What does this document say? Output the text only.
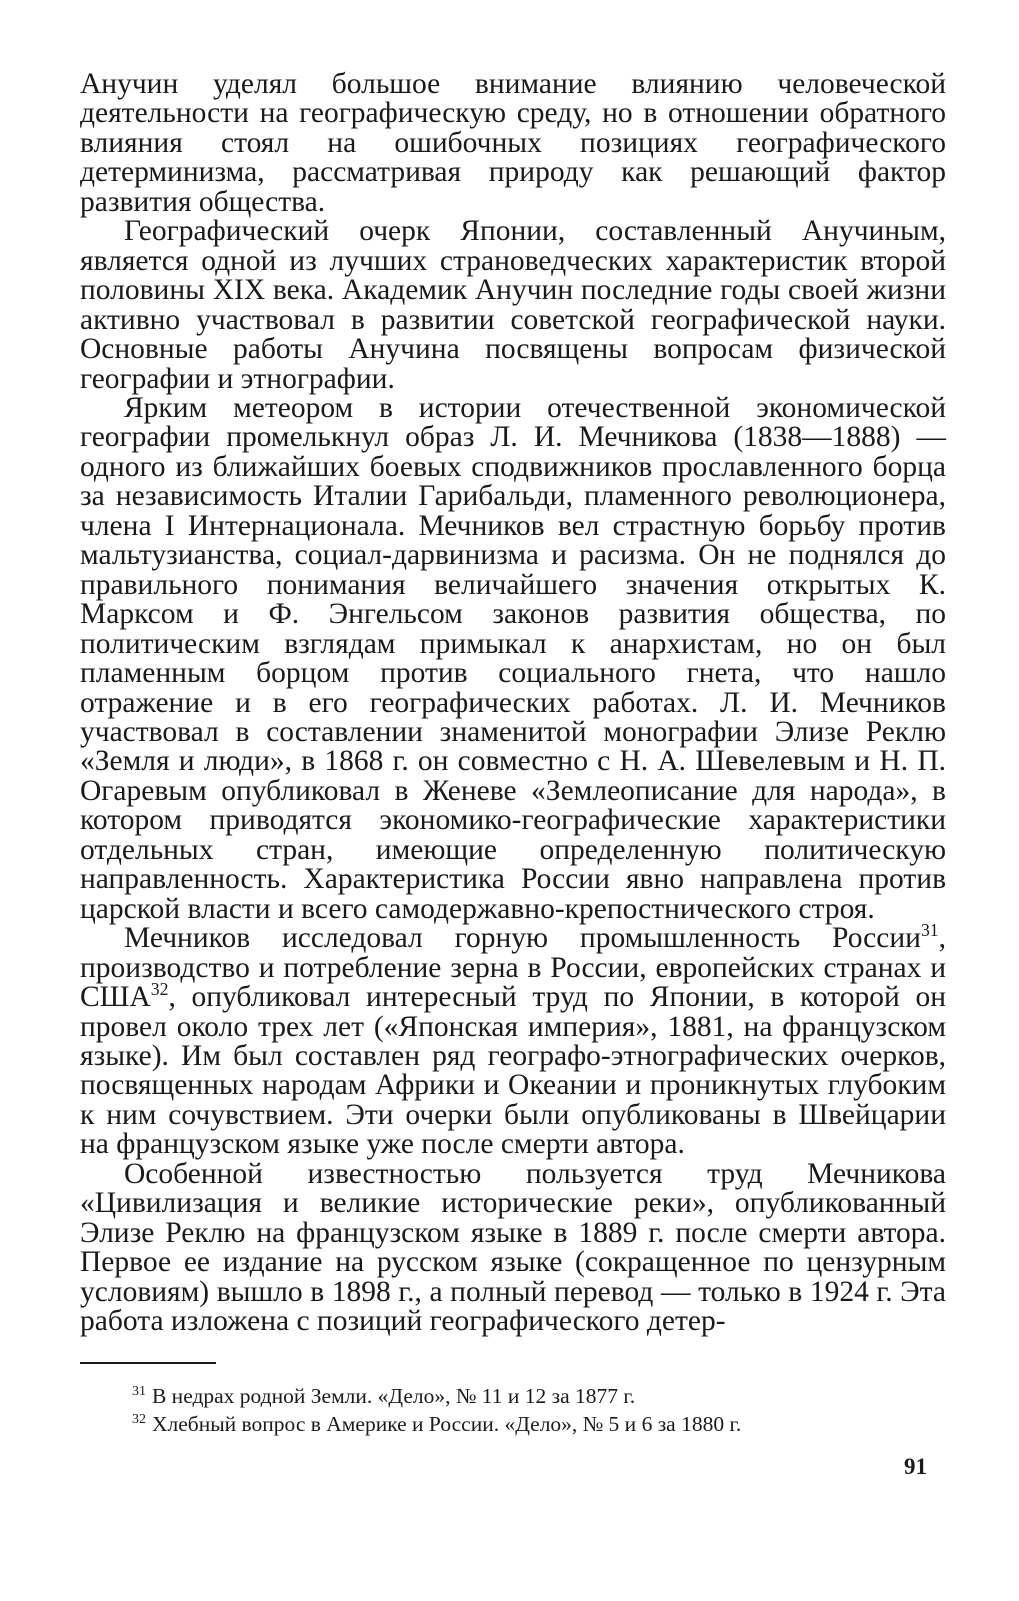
Анучин уделял большое внимание влиянию человеческой деятельности на географическую среду, но в отношении обратного влияния стоял на ошибочных позициях географического детерминизма, рассматривая природу как решающий фактор развития общества.

Географический очерк Японии, составленный Анучиным, является одной из лучших страноведческих характеристик второй половины XIX века. Академик Анучин последние годы своей жизни активно участвовал в развитии советской географической науки. Основные работы Анучина посвящены вопросам физической географии и этнографии.

Ярким метеором в истории отечественной экономической географии промелькнул образ Л. И. Мечникова (1838—1888) — одного из ближайших боевых сподвижников прославленного борца за независимость Италии Гарибальди, пламенного революционера, члена I Интернационала. Мечников вел страстную борьбу против мальтузианства, социал-дарвинизма и расизма. Он не поднялся до правильного понимания величайшего значения открытых К. Марксом и Ф. Энгельсом законов развития общества, по политическим взглядам примыкал к анархистам, но он был пламенным борцом против социального гнета, что нашло отражение и в его географических работах. Л. И. Мечников участвовал в составлении знаменитой монографии Элизе Реклю «Земля и люди», в 1868 г. он совместно с Н. А. Шевелевым и Н. П. Огаревым опубликовал в Женеве «Землеописание для народа», в котором приводятся экономико-географические характеристики отдельных стран, имеющие определенную политическую направленность. Характеристика России явно направлена против царской власти и всего самодержавно-крепостнического строя.

Мечников исследовал горную промышленность России$^{31}$, производство и потребление зерна в России, европейских странах и США$^{32}$, опубликовал интересный труд по Японии, в которой он провел около трех лет («Японская империя», 1881, на французском языке). Им был составлен ряд географо-этнографических очерков, посвященных народам Африки и Океании и проникнутых глубоким к ним сочувствием. Эти очерки были опубликованы в Швейцарии на французском языке уже после смерти автора.

Особенной известностью пользуется труд Мечникова «Цивилизация и великие исторические реки», опубликованный Элизе Реклю на французском языке в 1889 г. после смерти автора. Первое ее издание на русском языке (сокращенное по цензурным условиям) вышло в 1898 г., а полный перевод — только в 1924 г. Эта работа изложена с позиций географического детер-

$^{31}$ В недрах родной Земли. «Дело», № 11 и 12 за 1877 г.

$^{32}$ Хлебный вопрос в Америке и России. «Дело», № 5 и 6 за 1880 г.

91
